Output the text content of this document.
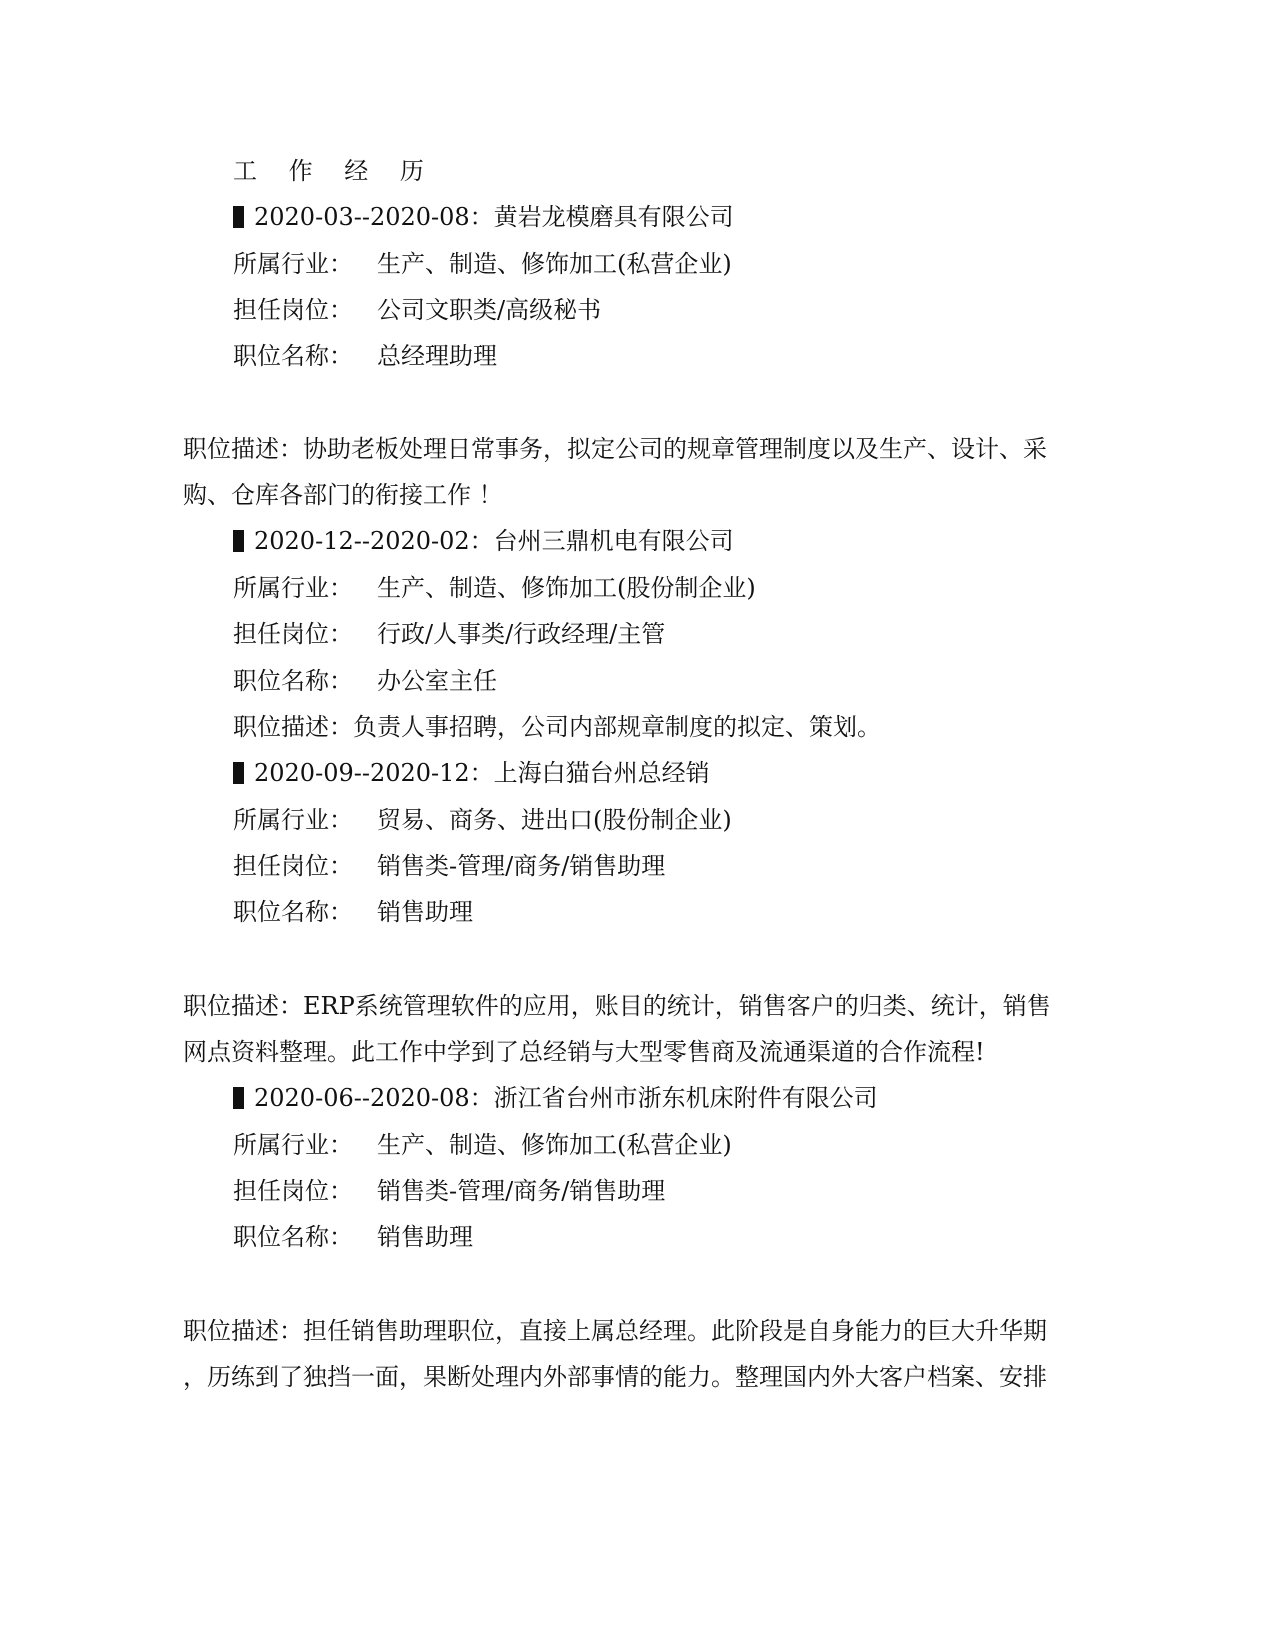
工 作 经 历
2020-03--2020-08：黄岩龙模磨具有限公司
所属行业： 生产、制造、修饰加工(私营企业)
担任岗位： 公司文职类/高级秘书
职位名称： 总经理助理
职位描述：协助老板处理日常事务，拟定公司的规章管理制度以及生产、设计、采
购、仓库各部门的衔接工作 ！
2020-12--2020-02：台州三鼎机电有限公司
所属行业： 生产、制造、修饰加工(股份制企业)
担任岗位： 行政/人事类/行政经理/主管
职位名称： 办公室主任
职位描述：负责人事招聘，公司内部规章制度的拟定、策划。
2020-09--2020-12：上海白猫台州总经销
所属行业： 贸易、商务、进出口(股份制企业)
担任岗位： 销售类-管理/商务/销售助理
职位名称： 销售助理
职位描述：ERP系统管理软件的应用，账目的统计，销售客户的归类、统计，销售
网点资料整理。此工作中学到了总经销与大型零售商及流通渠道的合作流程!
2020-06--2020-08：浙江省台州市浙东机床附件有限公司
所属行业： 生产、制造、修饰加工(私营企业)
担任岗位： 销售类-管理/商务/销售助理
职位名称： 销售助理
职位描述：担任销售助理职位，直接上属总经理。此阶段是自身能力的巨大升华期
，历练到了独挡一面，果断处理内外部事情的能力。整理国内外大客户档案、安排
